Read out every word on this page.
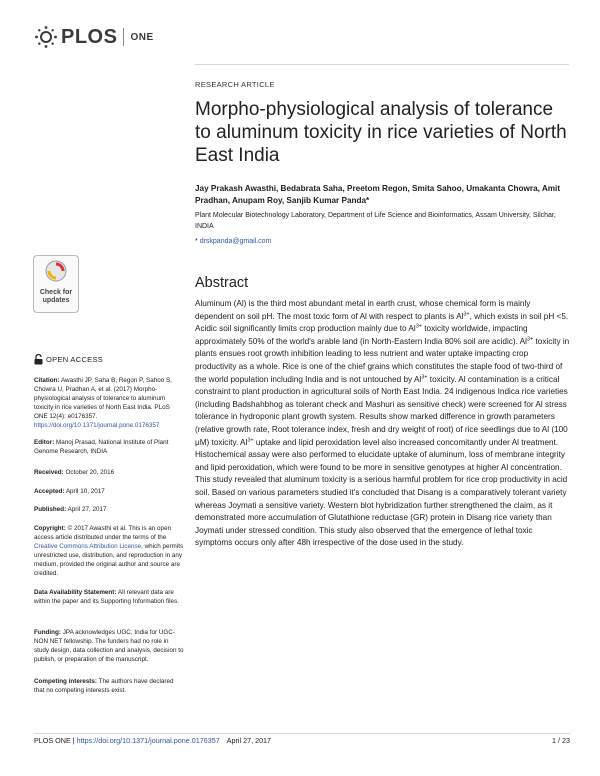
PLOS ONE
RESEARCH ARTICLE
Morpho-physiological analysis of tolerance to aluminum toxicity in rice varieties of North East India
Jay Prakash Awasthi, Bedabrata Saha, Preetom Regon, Smita Sahoo, Umakanta Chowra, Amit Pradhan, Anupam Roy, Sanjib Kumar Panda*
Plant Molecular Biotechnology Laboratory, Department of Life Science and Bioinformatics, Assam University, Silchar, INDIA
* drskpanda@gmail.com
Abstract
Aluminum (Al) is the third most abundant metal in earth crust, whose chemical form is mainly dependent on soil pH. The most toxic form of Al with respect to plants is $Al^{3+}$, which exists in soil pH <5. Acidic soil significantly limits crop production mainly due to $Al^{3+}$ toxicity worldwide, impacting approximately 50% of the world's arable land (in North-Eastern India 80% soil are acidic). $Al^{3+}$ toxicity in plants ensues root growth inhibition leading to less nutrient and water uptake impacting crop productivity as a whole. Rice is one of the chief grains which constitutes the staple food of two-third of the world population including India and is not untouched by $Al^{3+}$ toxicity. Al contamination is a critical constraint to plant production in agricultural soils of North East India. 24 indigenous Indica rice varieties (including Badshahbhog as tolerant check and Mashuri as sensitive check) were screened for Al stress tolerance in hydroponic plant growth system. Results show marked difference in growth parameters (relative growth rate, Root tolerance index, fresh and dry weight of root) of rice seedlings due to Al (100 μM) toxicity. $Al^{3+}$ uptake and lipid peroxidation level also increased concomitantly under Al treatment. Histochemical assay were also performed to elucidate uptake of aluminum, loss of membrane integrity and lipid peroxidation, which were found to be more in sensitive genotypes at higher Al concentration. This study revealed that aluminum toxicity is a serious harmful problem for rice crop productivity in acid soil. Based on various parameters studied it's concluded that Disang is a comparatively tolerant variety whereas Joymati a sensitive variety. Western blot hybridization further strengthened the claim, as it demonstrated more accumulation of Glutathione reductase (GR) protein in Disang rice variety than Joymati under stressed condition. This study also observed that the emergence of lethal toxic symptoms occurs only after 48h irrespective of the dose used in the study.
Check for
updates
OPEN ACCESS
Citation: Awasthi JP, Saha B, Regon P, Sahoo S, Chowra U, Pradhan A, et al. (2017) Morpho-physiological analysis of tolerance to aluminum toxicity in rice varieties of North East India. PLoS ONE 12(4): e0176357. https://doi.org/10.1371/journal.pone.0176357
Editor: Manoj Prasad, National Institute of Plant Genome Research, INDIA
Received: October 20, 2016
Accepted: April 10, 2017
Published: April 27, 2017
Copyright: © 2017 Awasthi et al. This is an open access article distributed under the terms of the Creative Commons Attribution License, which permits unrestricted use, distribution, and reproduction in any medium, provided the original author and source are credited.
Data Availability Statement: All relevant data are within the paper and its Supporting Information files.
Funding: JPA acknowledges UGC, India for UGC-NON NET fellowship. The funders had no role in study design, data collection and analysis, decision to publish, or preparation of the manuscript.
Competing interests: The authors have declared that no competing interests exist.
PLOS ONE | https://doi.org/10.1371/journal.pone.0176357 April 27, 2017	1 / 23
